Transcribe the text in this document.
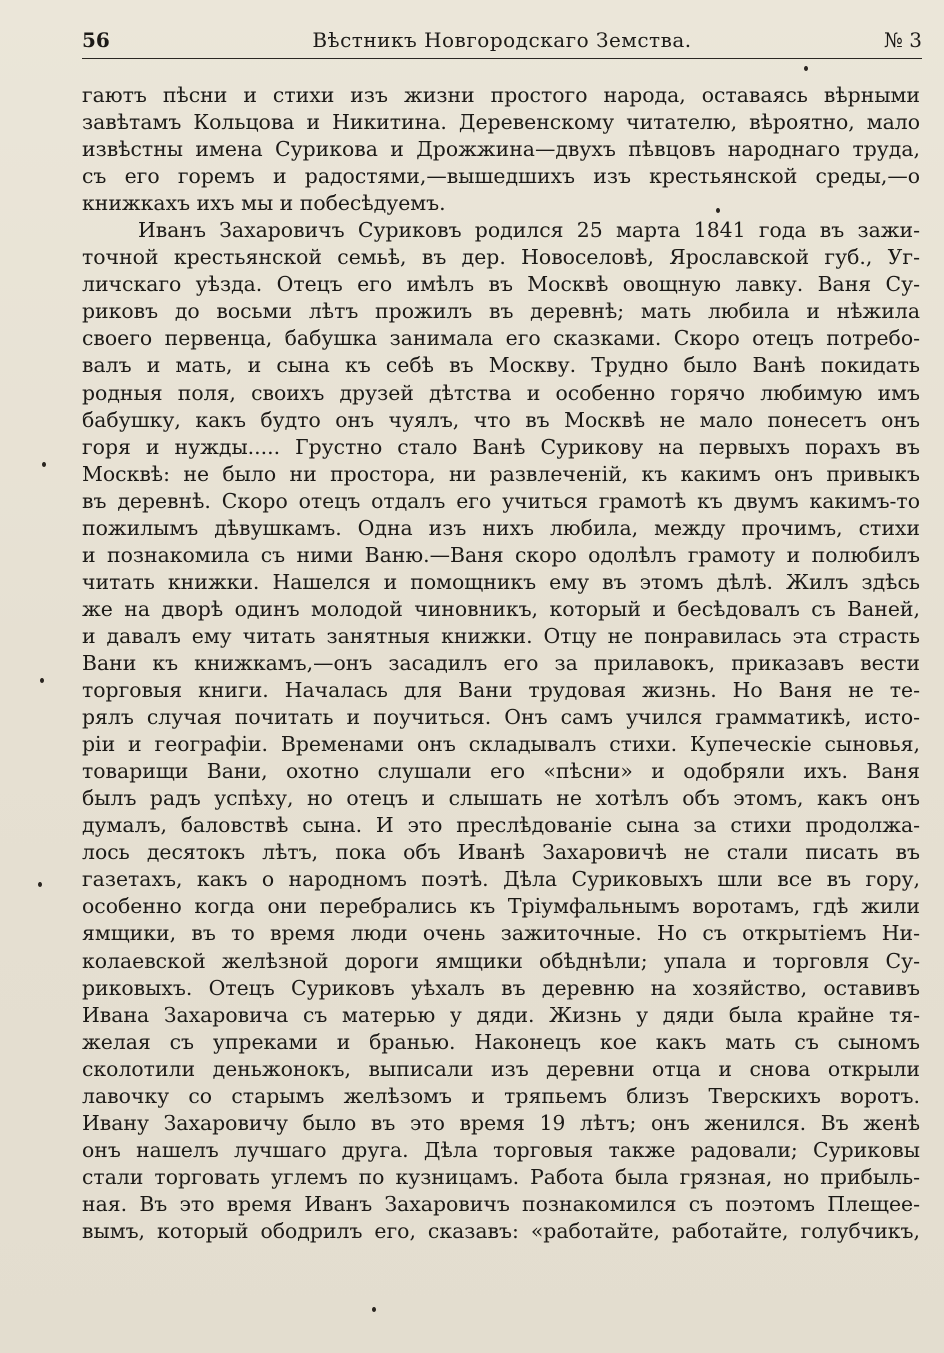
56	Вѣстникъ Новгородскаго Земства.	№ 3
гаютъ пѣсни и стихи изъ жизни простого народа, оставаясь вѣрными
завѣтамъ Кольцова и Никитина. Деревенскому читателю, вѣроятно, мало
извѣстны имена Сурикова и Дрожжина—двухъ пѣвцовъ народнаго труда,
съ его горемъ и радостями,—вышедшихъ изъ крестьянской среды,—о
книжкахъ ихъ мы и побесѣдуемъ.
Иванъ Захаровичъ Суриковъ родился 25 марта 1841 года въ зажи-
точной крестьянской семьѣ, въ дер. Новоселовѣ, Ярославской губ., Уг-
личскаго уѣзда. Отецъ его имѣлъ въ Москвѣ овощную лавку. Ваня Су-
риковъ до восьми лѣтъ прожилъ въ деревнѣ; мать любила и нѣжила
своего первенца, бабушка занимала его сказками. Скоро отецъ потребо-
валъ и мать, и сына къ себѣ въ Москву. Трудно было Ванѣ покидать
родныя поля, своихъ друзей дѣтства и особенно горячо любимую имъ
бабушку, какъ будто онъ чуялъ, что въ Москвѣ не мало понесетъ онъ
горя и нужды..... Грустно стало Ванѣ Сурикову на первыхъ порахъ въ
Москвѣ: не было ни простора, ни развлеченій, къ какимъ онъ привыкъ
въ деревнѣ. Скоро отецъ отдалъ его учиться грамотѣ къ двумъ какимъ-то
пожилымъ дѣвушкамъ. Одна изъ нихъ любила, между прочимъ, стихи
и познакомила съ ними Ваню.—Ваня скоро одолѣлъ грамоту и полюбилъ
читать книжки. Нашелся и помощникъ ему въ этомъ дѣлѣ. Жилъ здѣсь
же на дворѣ одинъ молодой чиновникъ, который и бесѣдовалъ съ Ваней,
и давалъ ему читать занятныя книжки. Отцу не понравилась эта страсть
Вани къ книжкамъ,—онъ засадилъ его за прилавокъ, приказавъ вести
торговыя книги. Началась для Вани трудовая жизнь. Но Ваня не те-
рялъ случая почитать и поучиться. Онъ самъ учился грамматикѣ, исто-
ріи и географіи. Временами онъ складывалъ стихи. Купеческіе сыновья,
товарищи Вани, охотно слушали его «пѣсни» и одобряли ихъ. Ваня
былъ радъ успѣху, но отецъ и слышать не хотѣлъ объ этомъ, какъ онъ
думалъ, баловствѣ сына. И это преслѣдованіе сына за стихи продолжа-
лось десятокъ лѣтъ, пока объ Иванѣ Захаровичѣ не стали писать въ
газетахъ, какъ о народномъ поэтѣ. Дѣла Суриковыхъ шли все въ гору,
особенно когда они перебрались къ Тріумфальнымъ воротамъ, гдѣ жили
ямщики, въ то время люди очень зажиточные. Но съ открытіемъ Ни-
колаевской желѣзной дороги ямщики обѣднѣли; упала и торговля Су-
риковыхъ. Отецъ Суриковъ уѣхалъ въ деревню на хозяйство, оставивъ
Ивана Захаровича съ матерью у дяди. Жизнь у дяди была крайне тя-
желая съ упреками и бранью. Наконецъ кое какъ мать съ сыномъ
сколотили деньжонокъ, выписали изъ деревни отца и снова открыли
лавочку со старымъ желѣзомъ и тряпьемъ близъ Тверскихъ воротъ.
Ивану Захаровичу было въ это время 19 лѣтъ; онъ женился. Въ женѣ
онъ нашелъ лучшаго друга. Дѣла торговыя также радовали; Суриковы
стали торговать углемъ по кузницамъ. Работа была грязная, но прибыль-
ная. Въ это время Иванъ Захаровичъ познакомился съ поэтомъ Плещее-
вымъ, который ободрилъ его, сказавъ: «работайте, работайте, голубчикъ,
